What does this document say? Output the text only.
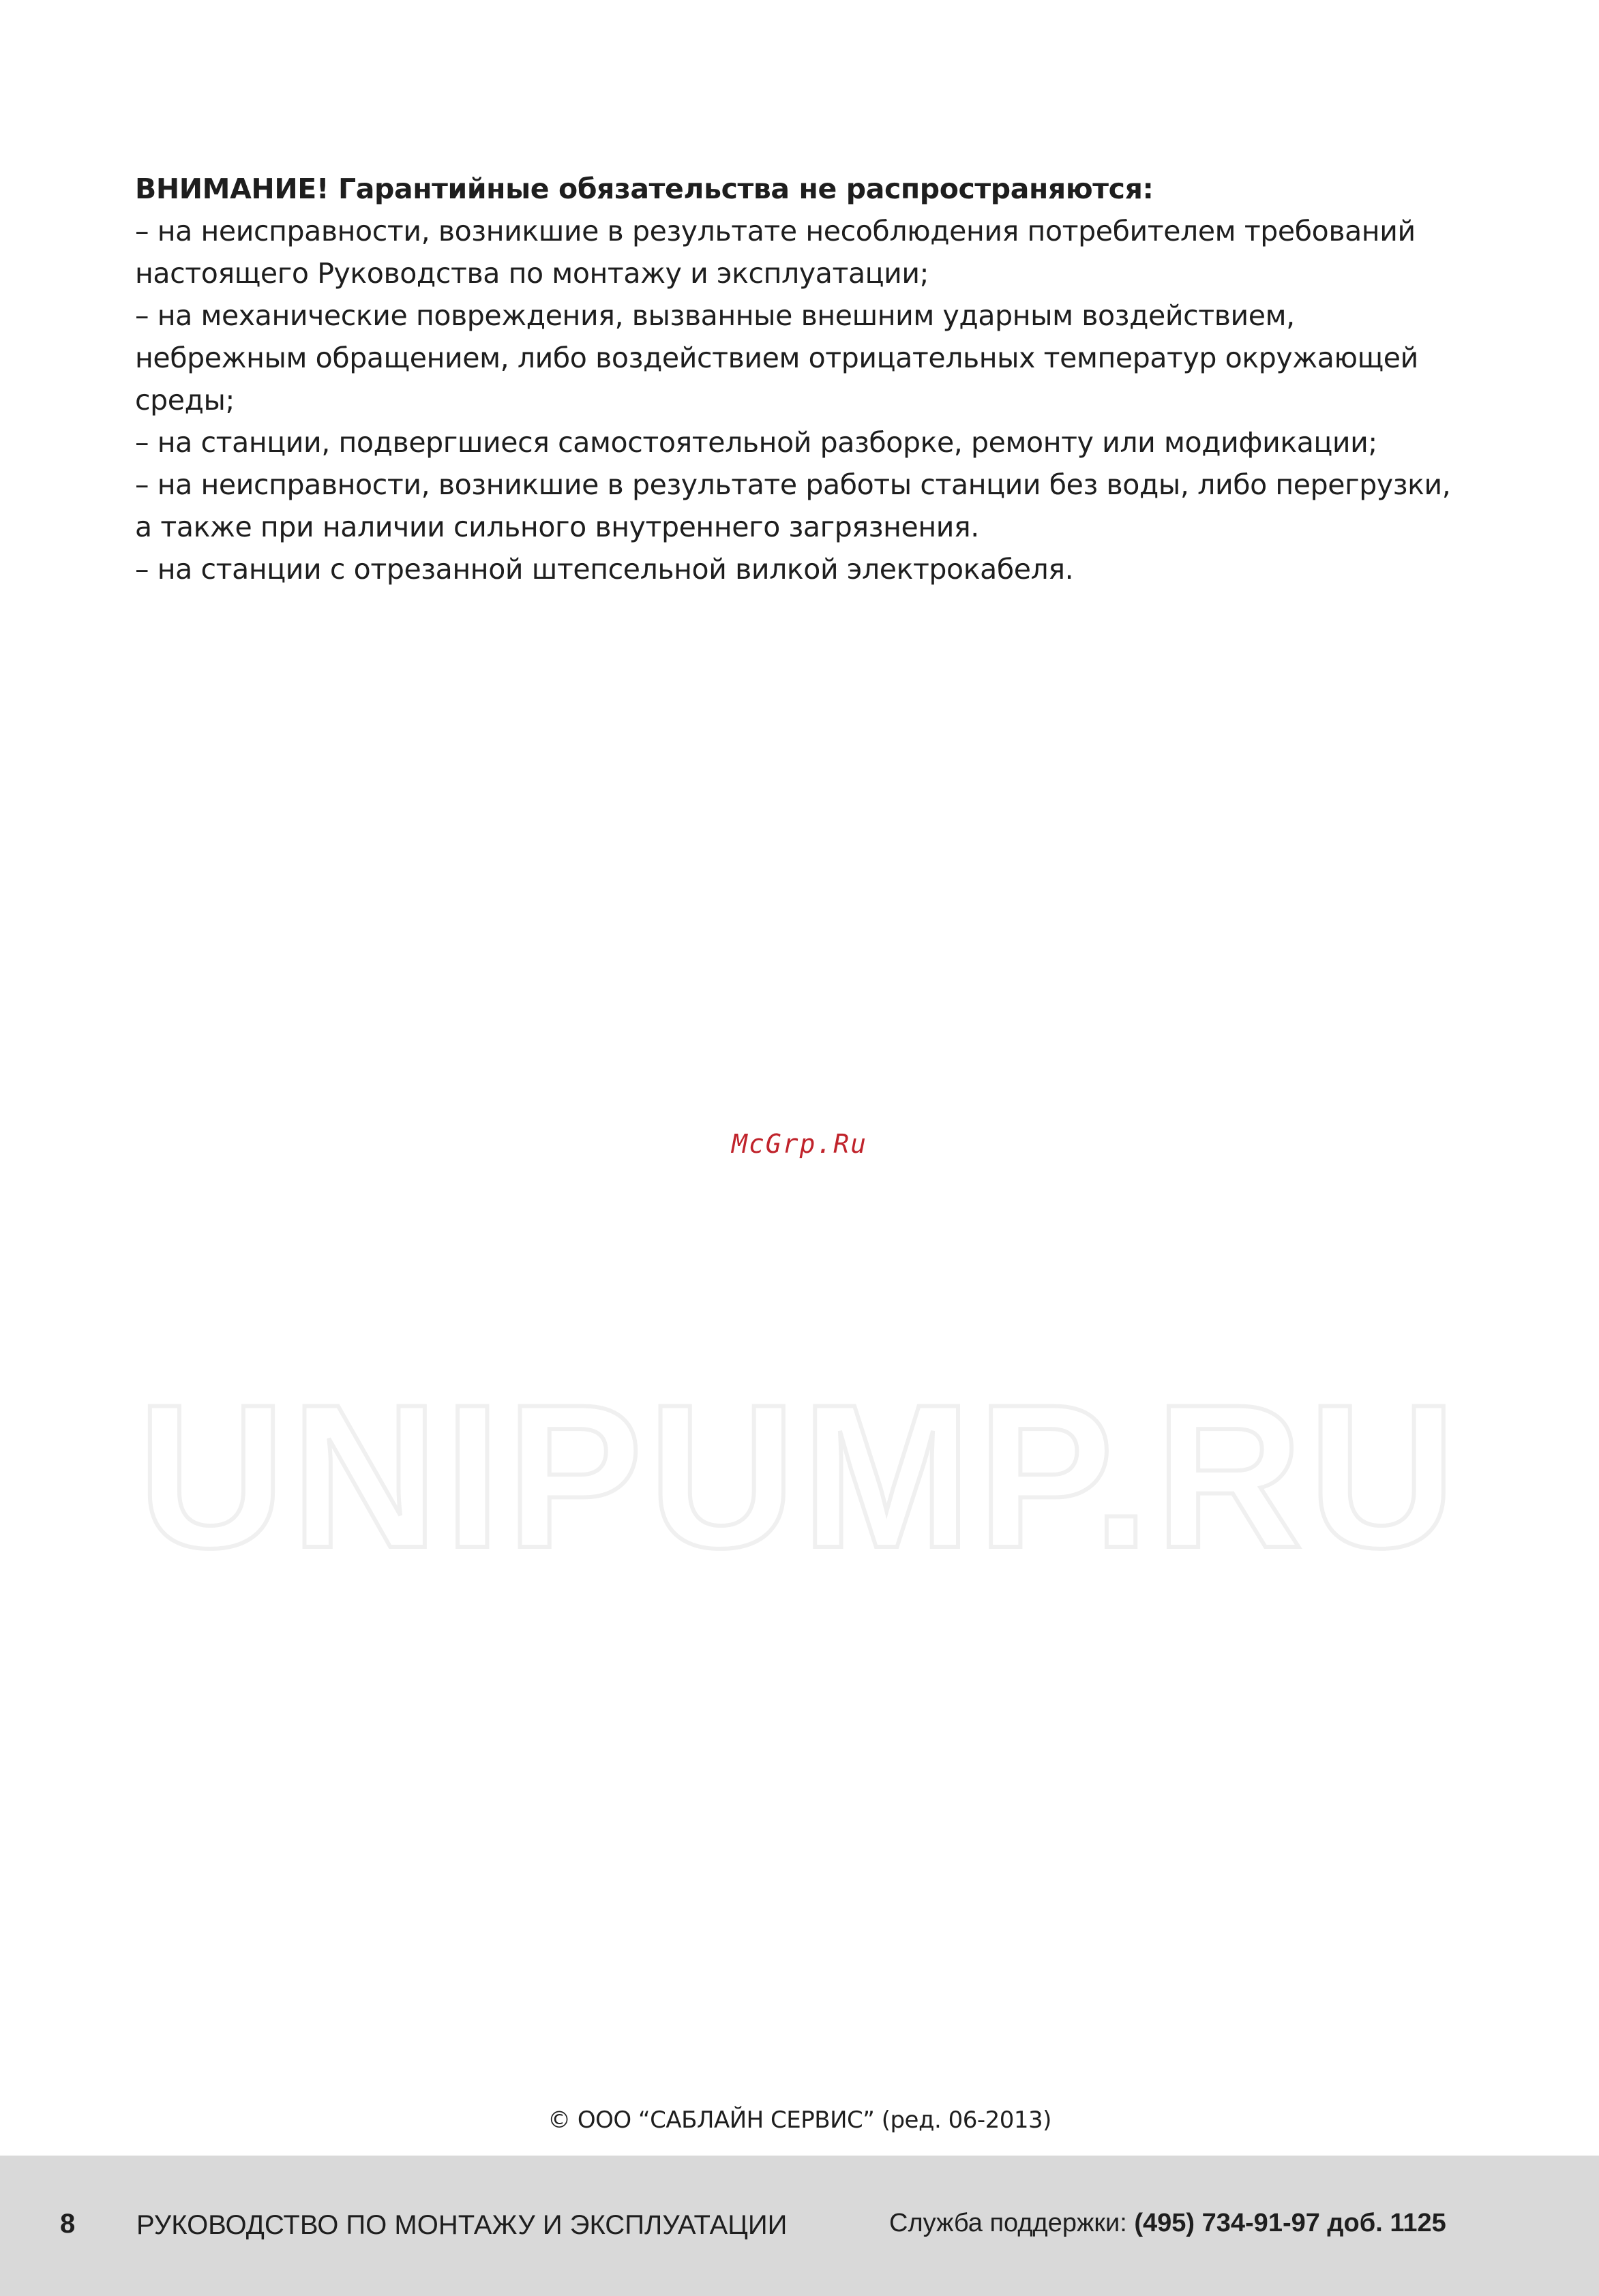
ВНИМАНИЕ! Гарантийные обязательства не распространяются:

– на неисправности, возникшие в результате несоблюдения потребителем требований настоящего Руководства по монтажу и эксплуатации;
– на механические повреждения, вызванные внешним ударным воздействием, небрежным обращением, либо воздействием отрицательных температур окружающей среды;
– на станции, подвергшиеся самостоятельной разборке, ремонту или модификации;
– на неисправности, возникшие в результате работы станции без воды, либо перегрузки, а также при наличии сильного внутреннего загрязнения.
– на станции с отрезанной штепсельной вилкой электрокабеля.
McGrp.Ru
UNIPUMP.RU
© ООО “САБЛАЙН СЕРВИС” (ред. 06-2013)
8 РУКОВОДСТВО ПО МОНТАЖУ И ЭКСПЛУАТАЦИИ	Служба поддержки: (495) 734-91-97 доб. 1125
